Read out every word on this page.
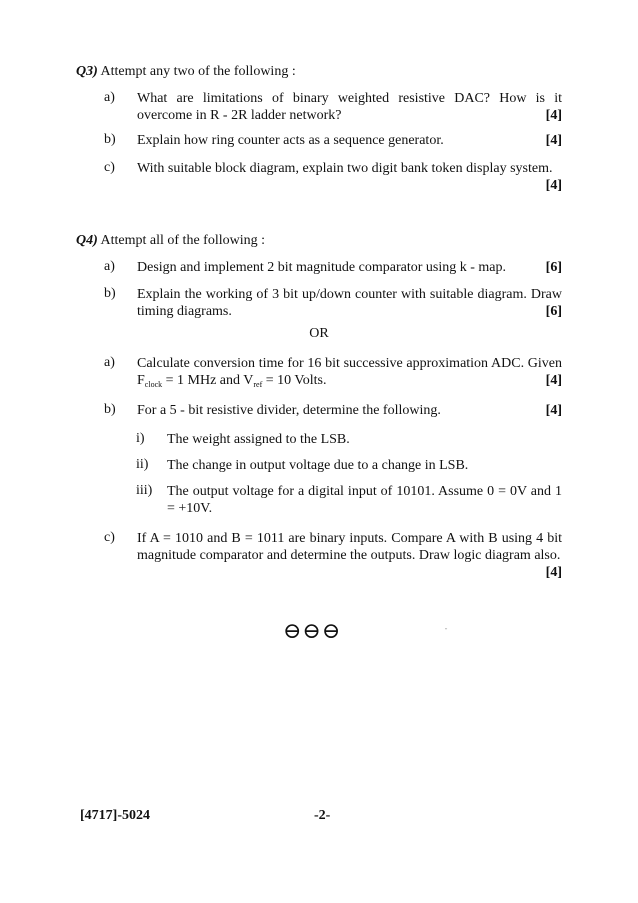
Q3) Attempt any two of the following :
a) What are limitations of binary weighted resistive DAC? How is it overcome in R - 2R ladder network?	[4]
b) Explain how ring counter acts as a sequence generator.	[4]
c) With suitable block diagram, explain two digit bank token display system.
[4]
Q4) Attempt all of the following :
a) Design and implement 2 bit magnitude comparator using k - map.	[6]
b) Explain the working of 3 bit up/down counter with suitable diagram. Draw timing diagrams.	[6]
OR
a) Calculate conversion time for 16 bit successive approximation ADC. Given $F_{clock} = 1$ MHz and $V_{ref} = 10$ Volts.	[4]
b) For a 5 - bit resistive divider, determine the following.	[4]
i) The weight assigned to the LSB.
ii) The change in output voltage due to a change in LSB.
iii) The output voltage for a digital input of 10101. Assume 0 = 0V and 1 = +10V.
c) If A = 1010 and B = 1011 are binary inputs. Compare A with B using 4 bit magnitude comparator and determine the outputs. Draw logic diagram also.
[4]
⊖⊖⊖	"
[4717]-5024	-2-
